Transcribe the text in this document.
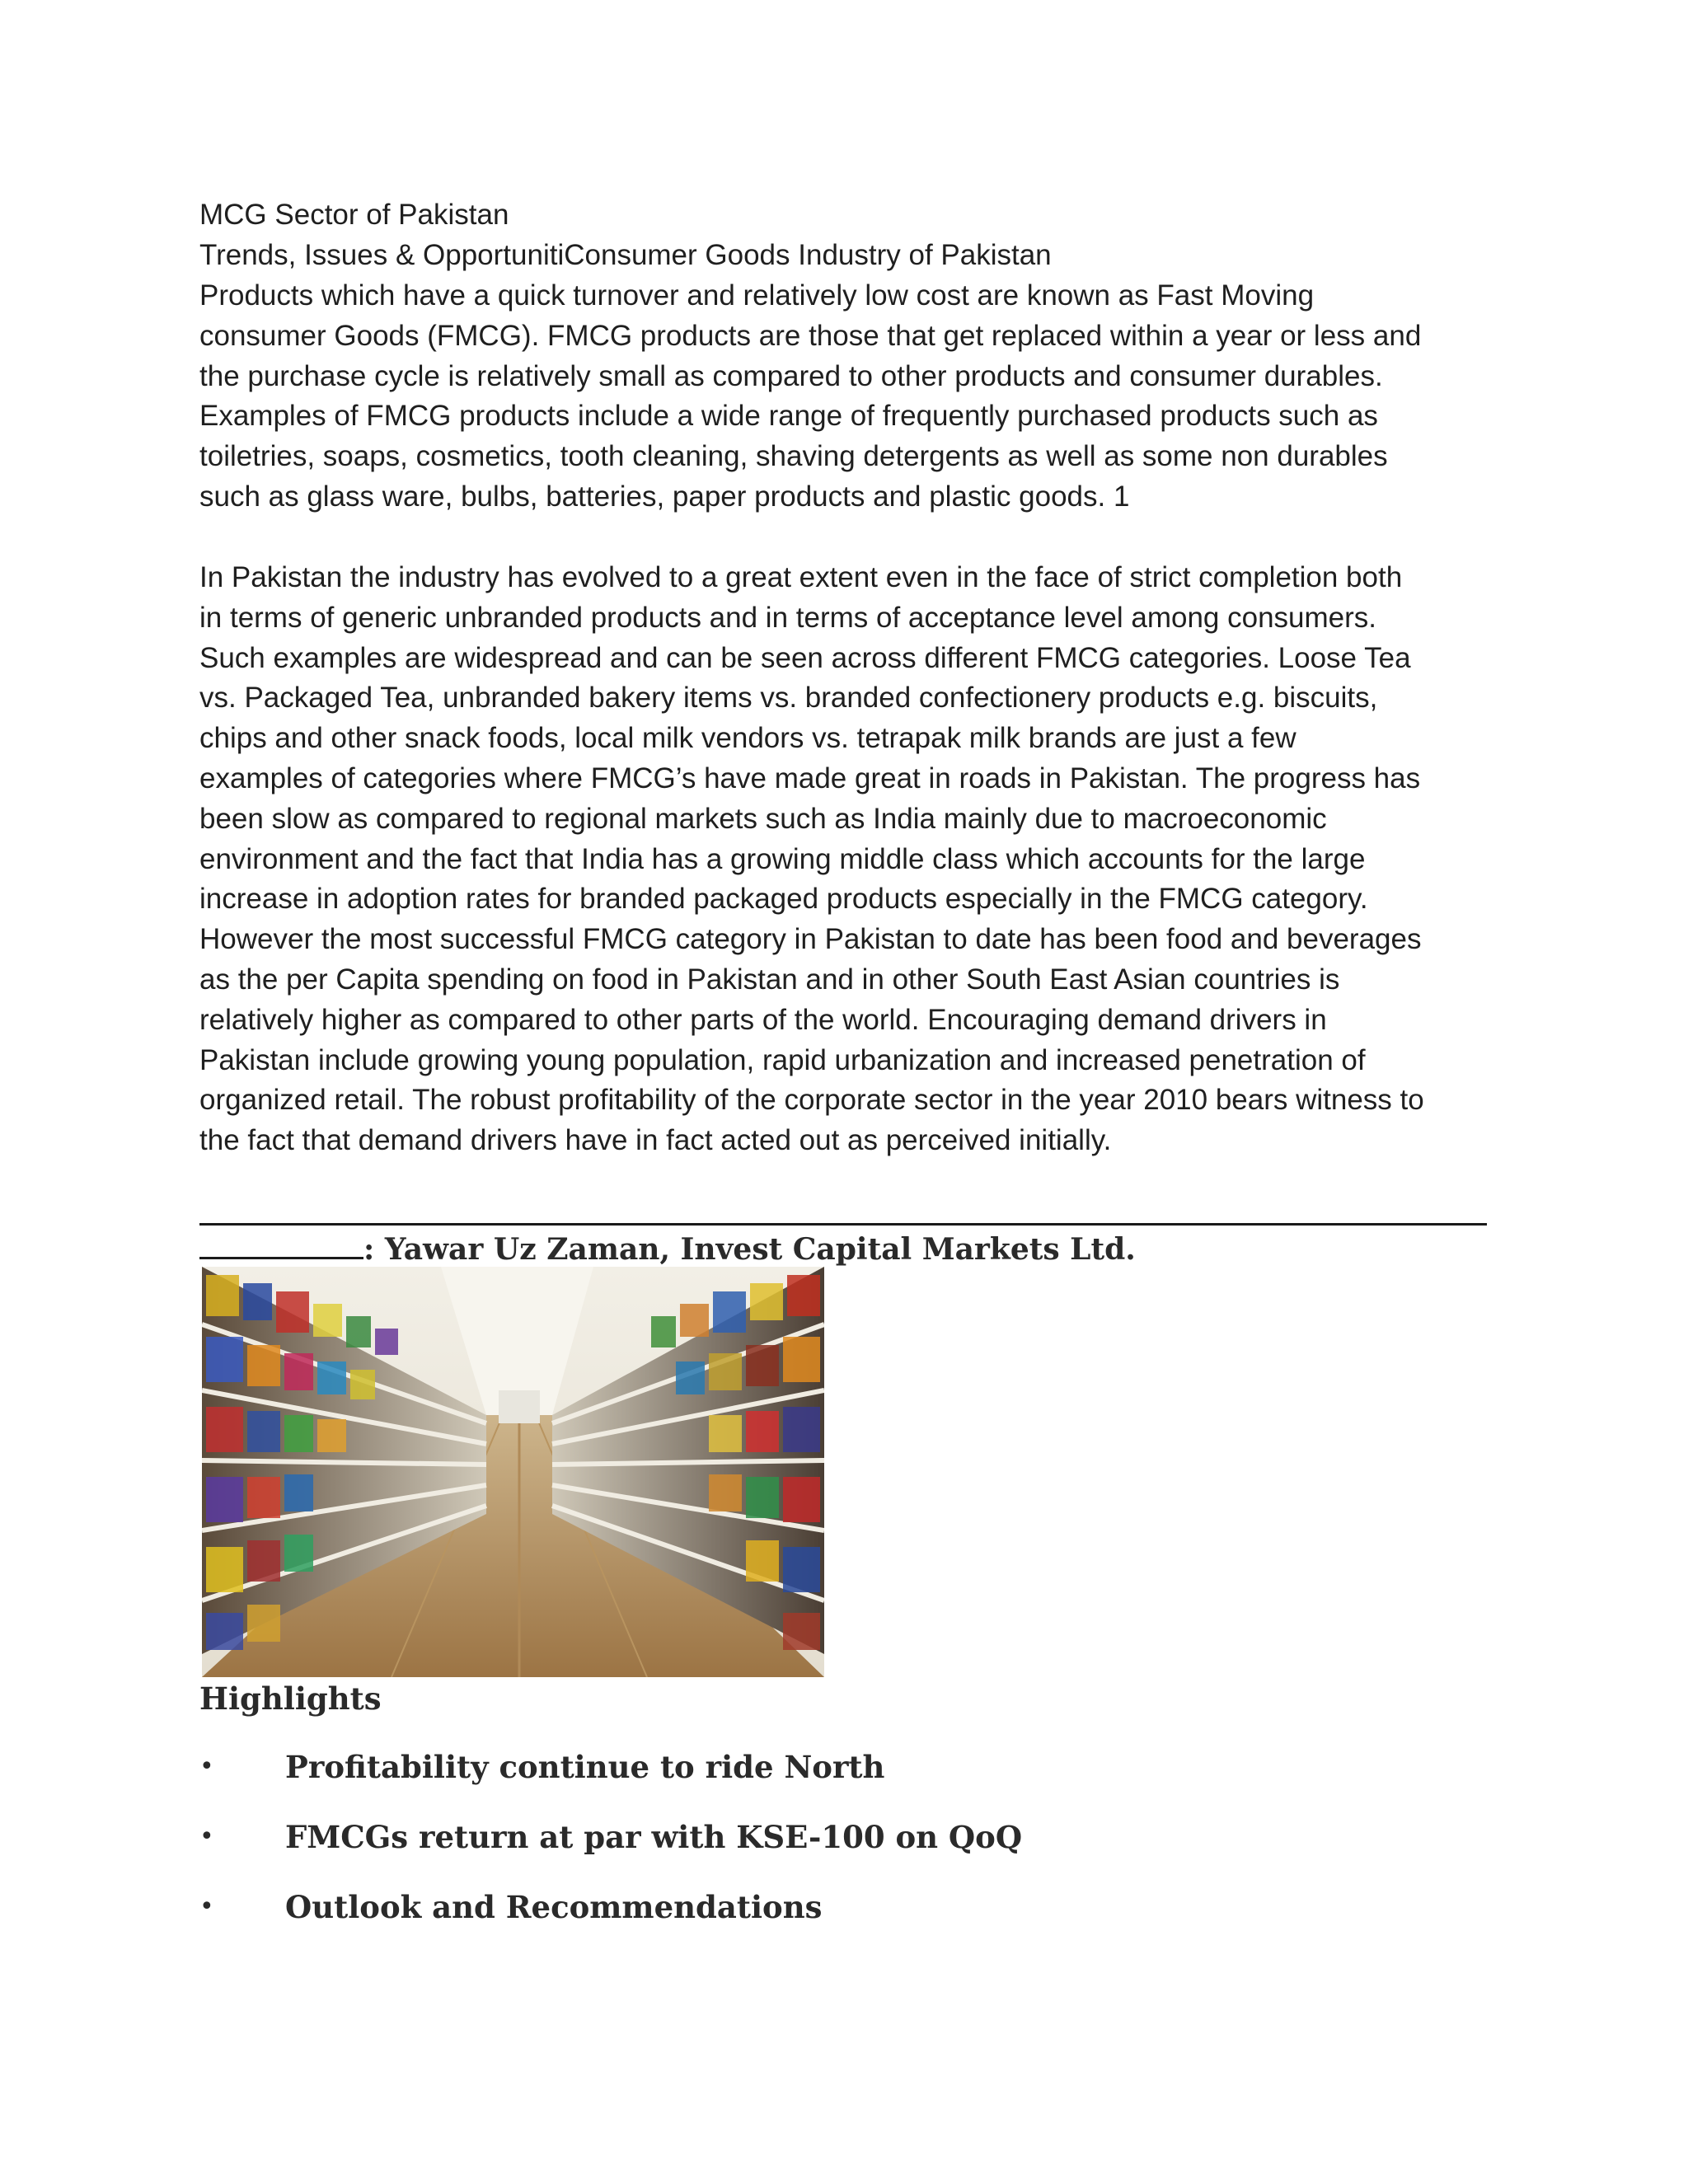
MCG Sector of Pakistan
Trends, Issues & OpportunitiConsumer Goods Industry of Pakistan
Products which have a quick turnover and relatively low cost are known as Fast Moving
consumer Goods (FMCG). FMCG products are those that get replaced within a year or less and
the purchase cycle is relatively small as compared to other products and consumer durables.
Examples of FMCG products include a wide range of frequently purchased products such as
toiletries, soaps, cosmetics, tooth cleaning, shaving detergents as well as some non durables
such as glass ware, bulbs, batteries, paper products and plastic goods. 1
In Pakistan the industry has evolved to a great extent even in the face of strict completion both
in terms of generic unbranded products and in terms of acceptance level among consumers.
Such examples are widespread and can be seen across different FMCG categories. Loose Tea
vs. Packaged Tea, unbranded bakery items vs. branded confectionery products e.g. biscuits,
chips and other snack foods, local milk vendors vs. tetrapak milk brands are just a few
examples of categories where FMCG’s have made great in roads in Pakistan. The progress has
been slow as compared to regional markets such as India mainly due to macroeconomic
environment and the fact that India has a growing middle class which accounts for the large
increase in adoption rates for branded packaged products especially in the FMCG category.
However the most successful FMCG category in Pakistan to date has been food and beverages
as the per Capita spending on food in Pakistan and in other South East Asian countries is
relatively higher as compared to other parts of the world. Encouraging demand drivers in
Pakistan include growing young population, rapid urbanization and increased penetration of
organized retail. The robust profitability of the corporate sector in the year 2010 bears witness to
the fact that demand drivers have in fact acted out as perceived initially.
: Yawar Uz Zaman, Invest Capital Markets Ltd.
Highlights
• Profitability continue to ride North
• FMCGs return at par with KSE-100 on QoQ
• Outlook and Recommendations
